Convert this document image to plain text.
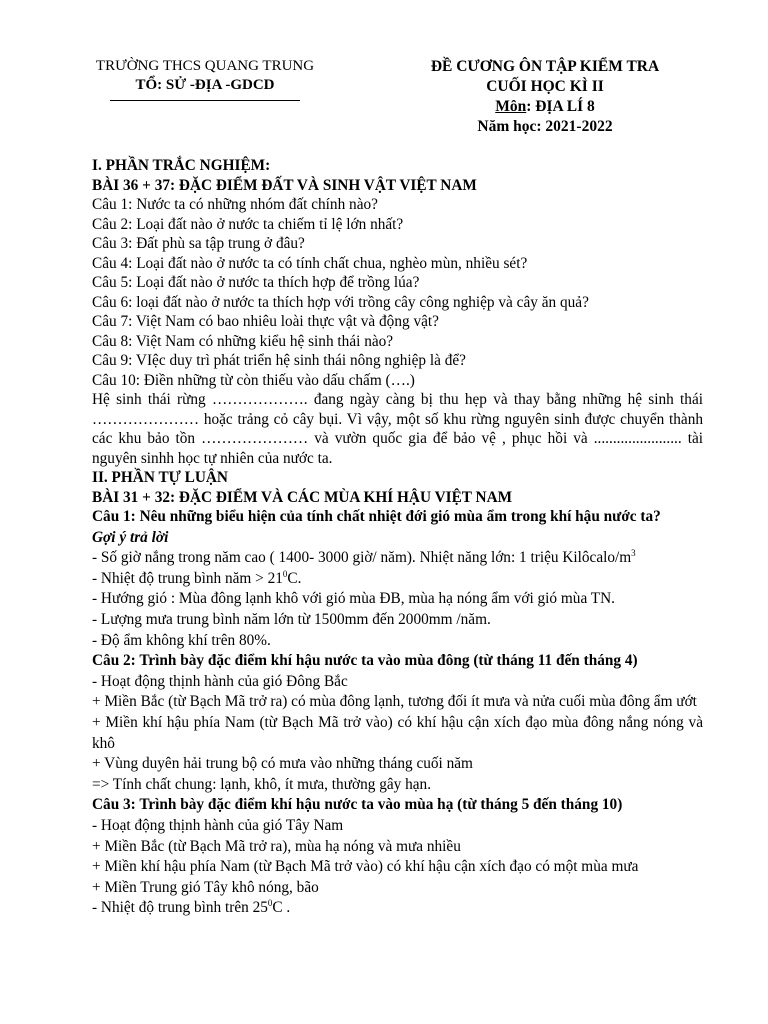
TRƯỜNG THCS QUANG TRUNG
TỔ: SỬ -ĐỊA -GDCD
ĐỀ CƯƠNG ÔN TẬP KIỂM TRA
CUỐI HỌC KÌ II
Môn: ĐỊA LÍ 8
Năm học: 2021-2022

I. PHẦN TRẮC NGHIỆM:

BÀI 36 + 37: ĐẶC ĐIỂM ĐẤT VÀ SINH VẬT VIỆT NAM

Câu 1: Nước ta có những nhóm đất chính nào?

Câu 2: Loại đất nào ở nước ta chiếm tỉ lệ lớn nhất?

Câu 3: Đất phù sa tập trung ở đâu?

Câu 4: Loại đất nào ở nước ta có tính chất chua, nghèo mùn, nhiều sét?

Câu 5: Loại đất nào ở nước ta thích hợp để trồng lúa?

Câu 6: loại đất nào ở nước ta thích hợp với trồng cây công nghiệp và cây ăn quả?

Câu 7: Việt Nam có bao nhiêu loài thực vật và động vật?

Câu 8: Việt Nam có những kiểu hệ sinh thái nào?

Câu 9: VIệc duy trì phát triển hệ sinh thái nông nghiệp là để?

Câu 10: Điền những từ còn thiếu vào dấu chấm (….)

Hệ sinh thái rừng ………………. đang ngày càng bị thu hẹp và thay bằng những hệ sinh thái ………………… hoặc trảng cỏ cây bụi. Vì vậy, một số khu rừng nguyên sinh được chuyển thành các khu bảo tồn ………………… và vườn quốc gia để bảo vệ , phục hồi và ....................... tài nguyên sinhh học tự nhiên của nước ta.

II. PHẦN TỰ LUẬN

BÀI 31 + 32: ĐẶC ĐIỂM VÀ CÁC MÙA KHÍ HẬU VIỆT NAM

Câu 1: Nêu những biểu hiện của tính chất nhiệt đới gió mùa ẩm trong khí hậu nước ta?

Gợi ý trả lời

- Số giờ nắng trong năm cao ( 1400- 3000 giờ/ năm). Nhiệt năng lớn: 1 triệu Kilôcalo/$m^3$

- Nhiệt độ trung bình năm > $21^0C$.

- Hướng gió : Mùa đông lạnh khô với gió mùa ĐB, mùa hạ nóng ẩm với gió mùa TN.

- Lượng mưa trung bình năm lớn từ 1500mm đến 2000mm /năm.

- Độ ẩm không khí trên 80%.

Câu 2: Trình bày đặc điểm khí hậu nước ta vào mùa đông (từ tháng 11 đến tháng 4)

- Hoạt động thịnh hành của gió Đông Bắc

+ Miền Bắc (từ Bạch Mã trở ra) có mùa đông lạnh, tương đối ít mưa và nửa cuối mùa đông ẩm ướt

+ Miền khí hậu phía Nam (từ Bạch Mã trở vào) có khí hậu cận xích đạo mùa đông nắng nóng và khô

+ Vùng duyên hải trung bộ có mưa vào những tháng cuối năm

=> Tính chất chung: lạnh, khô, ít mưa, thường gây hạn.

Câu 3: Trình bày đặc điểm khí hậu nước ta vào mùa hạ (từ tháng 5 đến tháng 10)

- Hoạt động thịnh hành của gió Tây Nam

+ Miền Bắc (từ Bạch Mã trở ra), mùa hạ nóng và mưa nhiều

+ Miền khí hậu phía Nam (từ Bạch Mã trở vào) có khí hậu cận xích đạo có một mùa mưa

+ Miền Trung gió Tây khô nóng, bão

- Nhiệt độ trung bình trên $25^0C$ .
